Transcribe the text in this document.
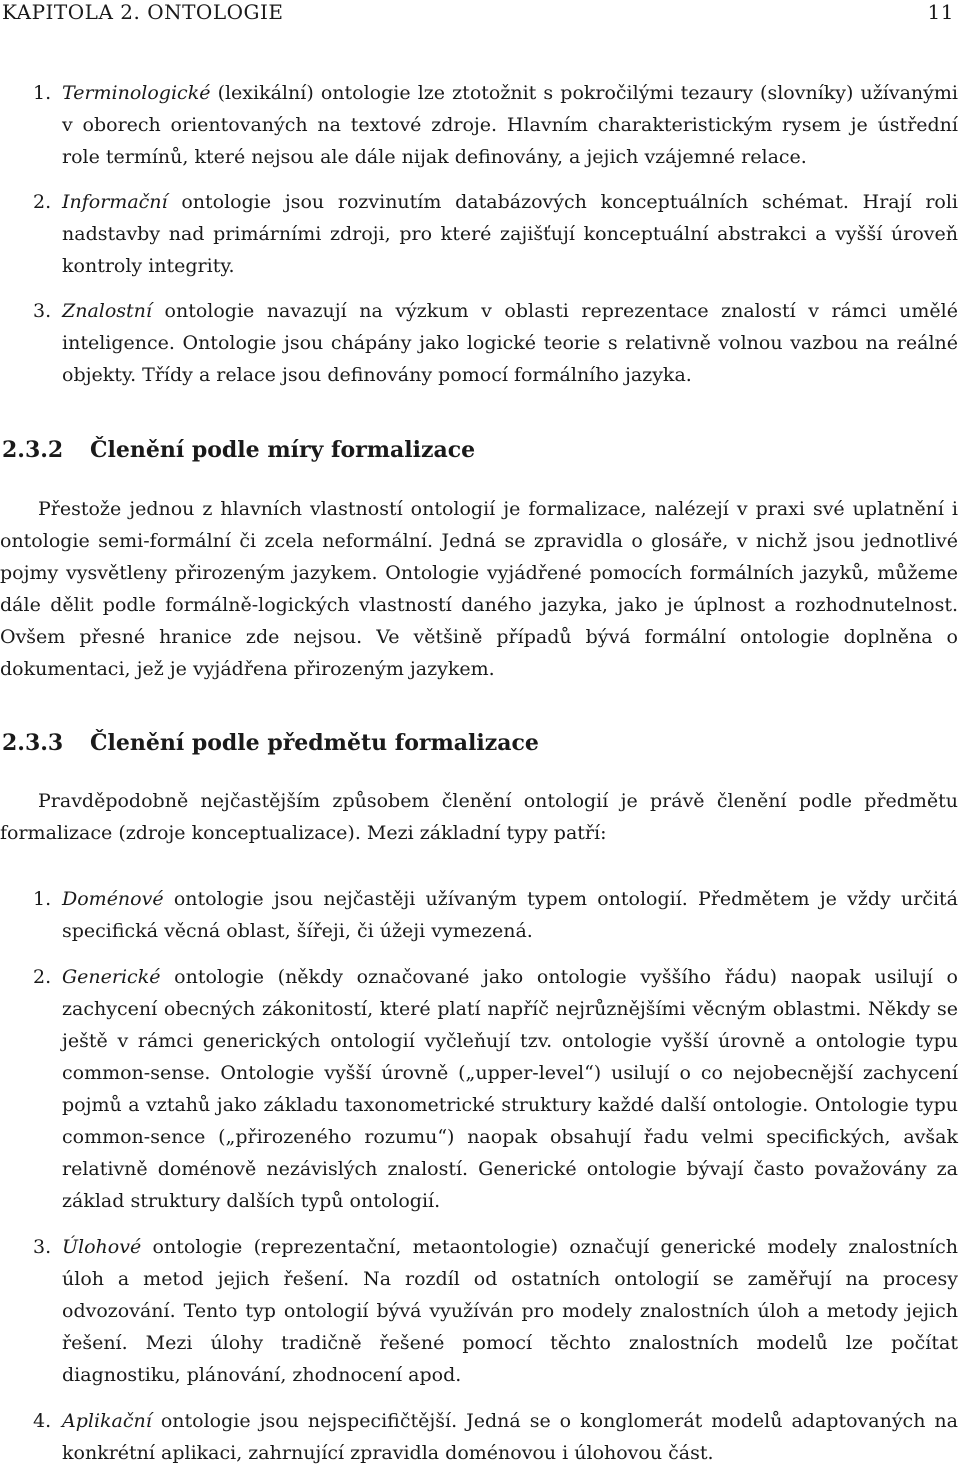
KAPITOLA 2. ONTOLOGIE	11
1. Terminologické (lexikální) ontologie lze ztotožnit s pokročilými tezaury (slovníky) užívanými v oborech orientovaných na textové zdroje. Hlavním charakteristickým rysem je ústřední role termínů, které nejsou ale dále nijak definovány, a jejich vzájemné relace.

2. Informační ontologie jsou rozvinutím databázových konceptuálních schémat. Hrají roli nadstavby nad primárními zdroji, pro které zajišťují konceptuální abstrakci a vyšší úroveň kontroly integrity.

3. Znalostní ontologie navazují na výzkum v oblasti reprezentace znalostí v rámci umělé inteligence. Ontologie jsou chápány jako logické teorie s relativně volnou vazbou na reálné objekty. Třídy a relace jsou definovány pomocí formálního jazyka.

2.3.2 Členění podle míry formalizace

Přestože jednou z hlavních vlastností ontologií je formalizace, nalézejí v praxi své uplatnění i ontologie semi-formální či zcela neformální. Jedná se zpravidla o glosáře, v nichž jsou jednotlivé pojmy vysvětleny přirozeným jazykem. Ontologie vyjádřené pomocích formálních jazyků, můžeme dále dělit podle formálně-logických vlastností daného jazyka, jako je úplnost a rozhodnutelnost. Ovšem přesné hranice zde nejsou. Ve většině případů bývá formální ontologie doplněna o dokumentaci, jež je vyjádřena přirozeným jazykem.

2.3.3 Členění podle předmětu formalizace

Pravděpodobně nejčastějším způsobem členění ontologií je právě členění podle předmětu formalizace (zdroje konceptualizace). Mezi základní typy patří:

1. Doménové ontologie jsou nejčastěji užívaným typem ontologií. Předmětem je vždy určitá specifická věcná oblast, šířeji, či úžeji vymezená.

2. Generické ontologie (někdy označované jako ontologie vyššího řádu) naopak usilují o zachycení obecných zákonitostí, které platí napříč nejrůznějšími věcným oblastmi. Někdy se ještě v rámci generických ontologií vyčleňují tzv. ontologie vyšší úrovně a ontologie typu common-sense. Ontologie vyšší úrovně („upper-level“) usilují o co nejobecnější zachycení pojmů a vztahů jako základu taxonometrické struktury každé další ontologie. Ontologie typu common-sence („přirozeného rozumu“) naopak obsahují řadu velmi specifických, avšak relativně doménově nezávislých znalostí. Generické ontologie bývají často považovány za základ struktury dalších typů ontologií.

3. Úlohové ontologie (reprezentační, metaontologie) označují generické modely znalostních úloh a metod jejich řešení. Na rozdíl od ostatních ontologií se zaměřují na procesy odvozování. Tento typ ontologií bývá využíván pro modely znalostních úloh a metody jejich řešení. Mezi úlohy tradičně řešené pomocí těchto znalostních modelů lze počítat diagnostiku, plánování, zhodnocení apod.

4. Aplikační ontologie jsou nejspecifičtější. Jedná se o konglomerát modelů adaptovaných na konkrétní aplikaci, zahrnující zpravidla doménovou i úlohovou část.
